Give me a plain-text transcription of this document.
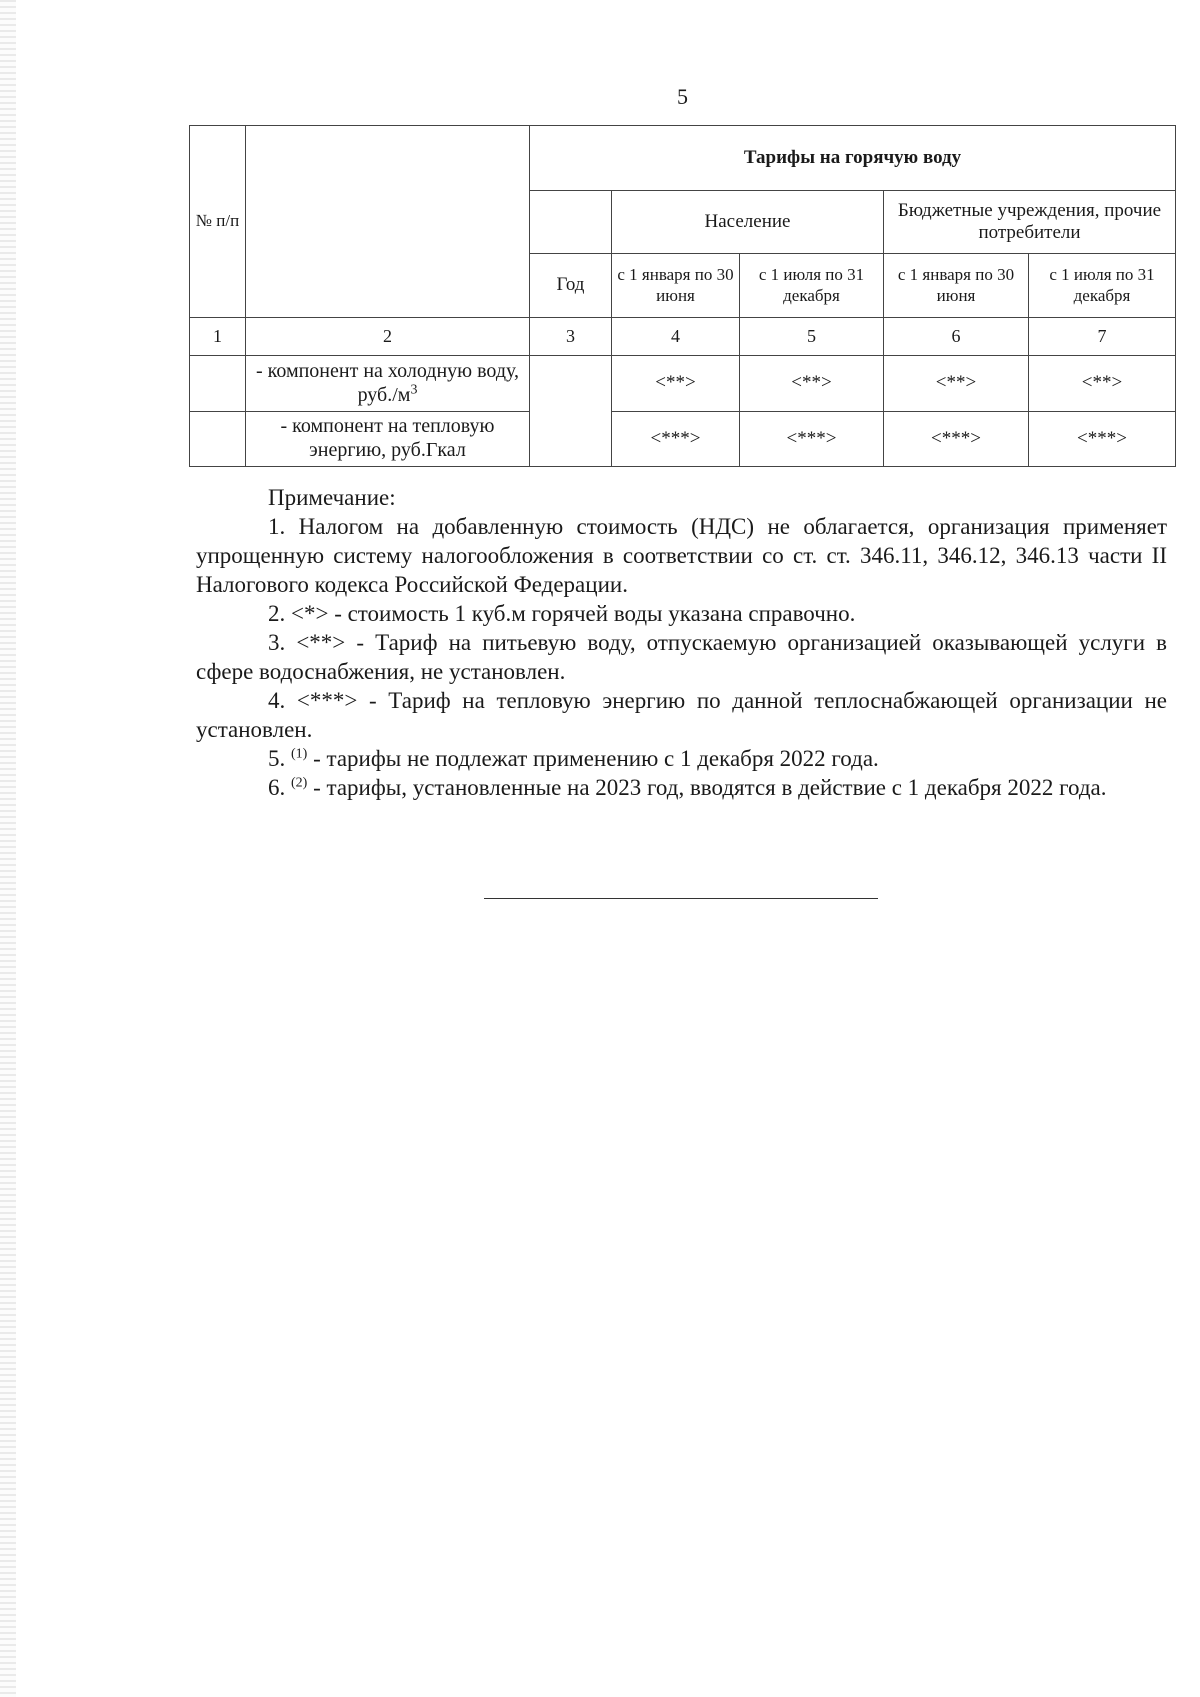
5
№ п/п		Тарифы на горячую воду				
			Население		Бюджетные учреждения, прочие потребители	
		Год	с 1 января по 30 июня	с 1 июля по 31 декабря	с 1 января по 30 июня	с 1 июля по 31 декабря
1	2	3	4	5	6	7
	- компонент на холодную воду, $руб./м^3$		<**>	<**>	<**>	<**>
	- компонент на тепловую энергию, руб.Гкал		<***>	<***>	<***>	<***>

Примечание:

1. Налогом на добавленную стоимость (НДС) не облагается, организация применяет упрощенную систему налогообложения в соответствии со ст. ст. 346.11, 346.12, 346.13 части II Налогового кодекса Российской Федерации.

2. <*> - стоимость 1 куб.м горячей воды указана справочно.

3. <**> - Тариф на питьевую воду, отпускаемую организацией оказывающей услуги в сфере водоснабжения, не установлен.

4. <***> - Тариф на тепловую энергию по данной теплоснабжающей организации не установлен.

5. $^{(1)}$ - тарифы не подлежат применению с 1 декабря 2022 года.

6. $^{(2)}$ - тарифы, установленные на 2023 год, вводятся в действие с 1 декабря 2022 года.
